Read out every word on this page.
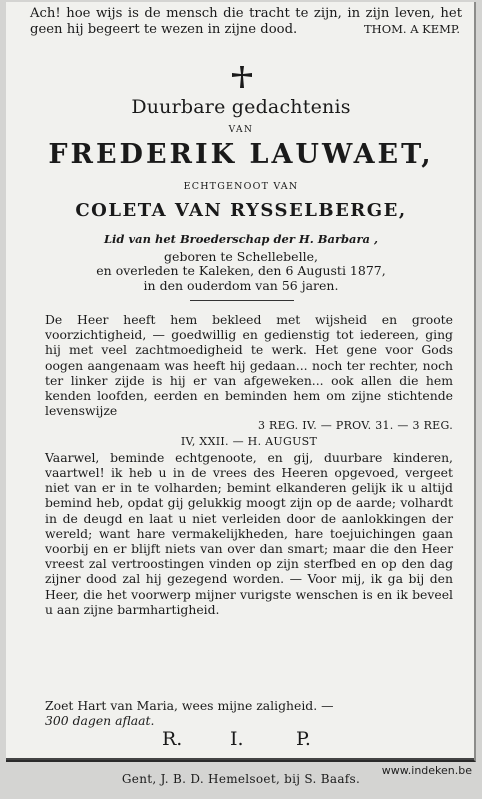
Ach! hoe wijs is de mensch die tracht te zijn, in zijn leven, het geen hij begeert te wezen in zijne dood.	THOM. A KEMP.
Duurbare gedachtenis
VAN
FREDERIK LAUWAET,
ECHTGENOOT VAN
COLETA VAN RYSSELBERGE,
Lid van het Broederschap der H. Barbara ,
geboren te Schellebelle,
en overleden te Kaleken, den 6 Augusti 1877,
in den ouderdom van 56 jaren.

De Heer heeft hem bekleed met wijsheid en groote voorzichtigheid, — goedwillig en gedienstig tot iedereen, ging hij met veel zachtmoedigheid te werk. Het gene voor Gods oogen aangenaam was heeft hij gedaan... noch ter rechter, noch ter linker zijde is hij er van afgeweken... ook allen die hem kenden loofden, eerden en beminden hem om zijne stichtende levenswijze

3 REG. IV. — PROV. 31. — 3 REG.
IV, XXII. — H. AUGUST

Vaarwel, beminde echtgenoote, en gij, duurbare kinderen, vaartwel! ik heb u in de vrees des Heeren opgevoed, vergeet niet van er in te volharden; bemint elkanderen gelijk ik u altijd bemind heb, opdat gij gelukkig moogt zijn op de aarde; volhardt in de deugd en laat u niet verleiden door de aanlokkingen der wereld; want hare vermakelijkheden, hare toejuichingen gaan voorbij en er blijft niets van over dan smart; maar die den Heer vreest zal vertroostingen vinden op zijn sterfbed en op den dag zijner dood zal hij gezegend worden. — Voor mij, ik ga bij den Heer, die het voorwerp mijner vurigste wenschen is en ik beveel u aan zijne barmhartigheid.

Zoet Hart van Maria, wees mijne zaligheid. —
300 dagen aflaat.
R.	I.	P.
Gent, J. B. D. Hemelsoet, bij S. Baafs.
www.indeken.be
